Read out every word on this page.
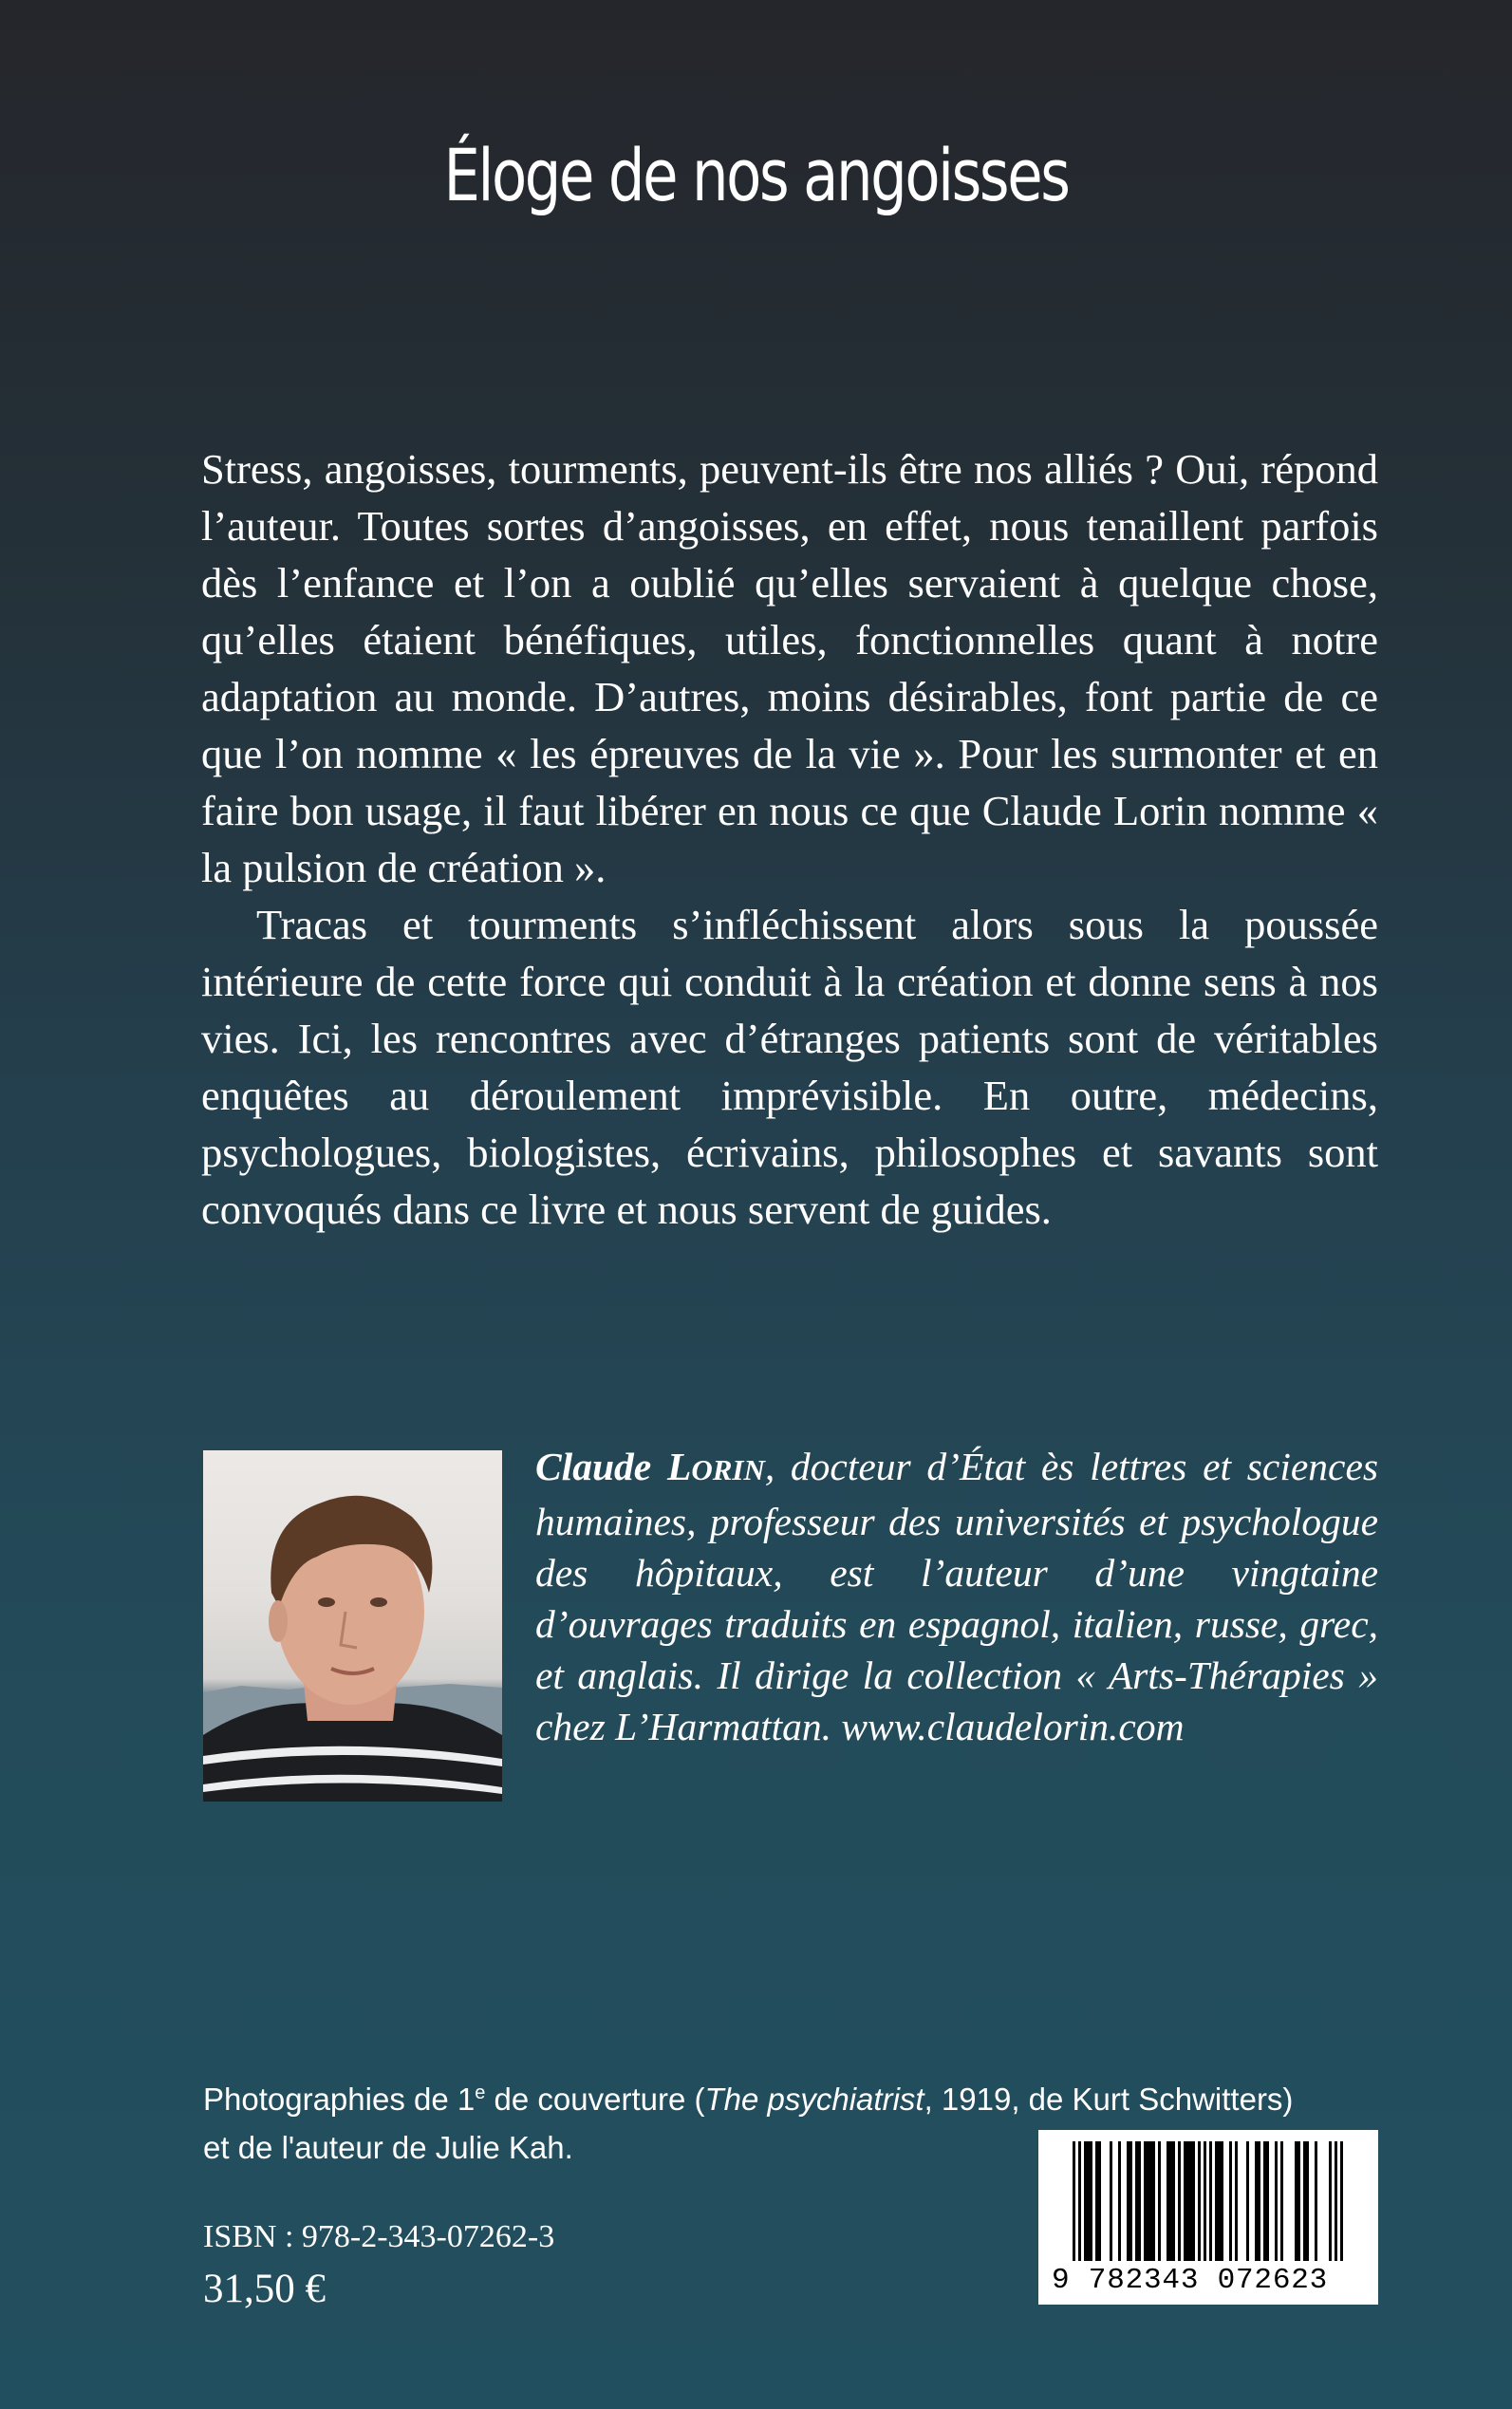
Éloge de nos angoisses

Stress, angoisses, tourments, peuvent-ils être nos alliés ? Oui, répond l’auteur. Toutes sortes d’angoisses, en effet, nous tenaillent parfois dès l’enfance et l’on a oublié qu’elles servaient à quelque chose, qu’elles étaient bénéfiques, utiles, fonctionnelles quant à notre adaptation au monde. D’autres, moins désirables, font partie de ce que l’on nomme « les épreuves de la vie ». Pour les surmonter et en faire bon usage, il faut libérer en nous ce que Claude Lorin nomme « la pulsion de création ».

Tracas et tourments s’infléchissent alors sous la poussée intérieure de cette force qui conduit à la création et donne sens à nos vies. Ici, les rencontres avec d’étranges patients sont de véritables enquêtes au déroulement imprévisible. En outre, médecins, psychologues, biologistes, écrivains, philosophes et savants sont convoqués dans ce livre et nous servent de guides.

Claude LORIN, docteur d’État ès lettres et sciences humaines, professeur des universités et psychologue des hôpitaux, est l’auteur d’une vingtaine d’ouvrages traduits en espagnol, italien, russe, grec, et anglais. Il dirige la collection « Arts-Thérapies » chez L’Harmattan. www.claudelorin.com
Photographies de 1e de couverture (The psychiatrist, 1919, de Kurt Schwitters)
et de l'auteur de Julie Kah.
ISBN : 978-2-343-07262-3
31,50 €	9 782343 072623
